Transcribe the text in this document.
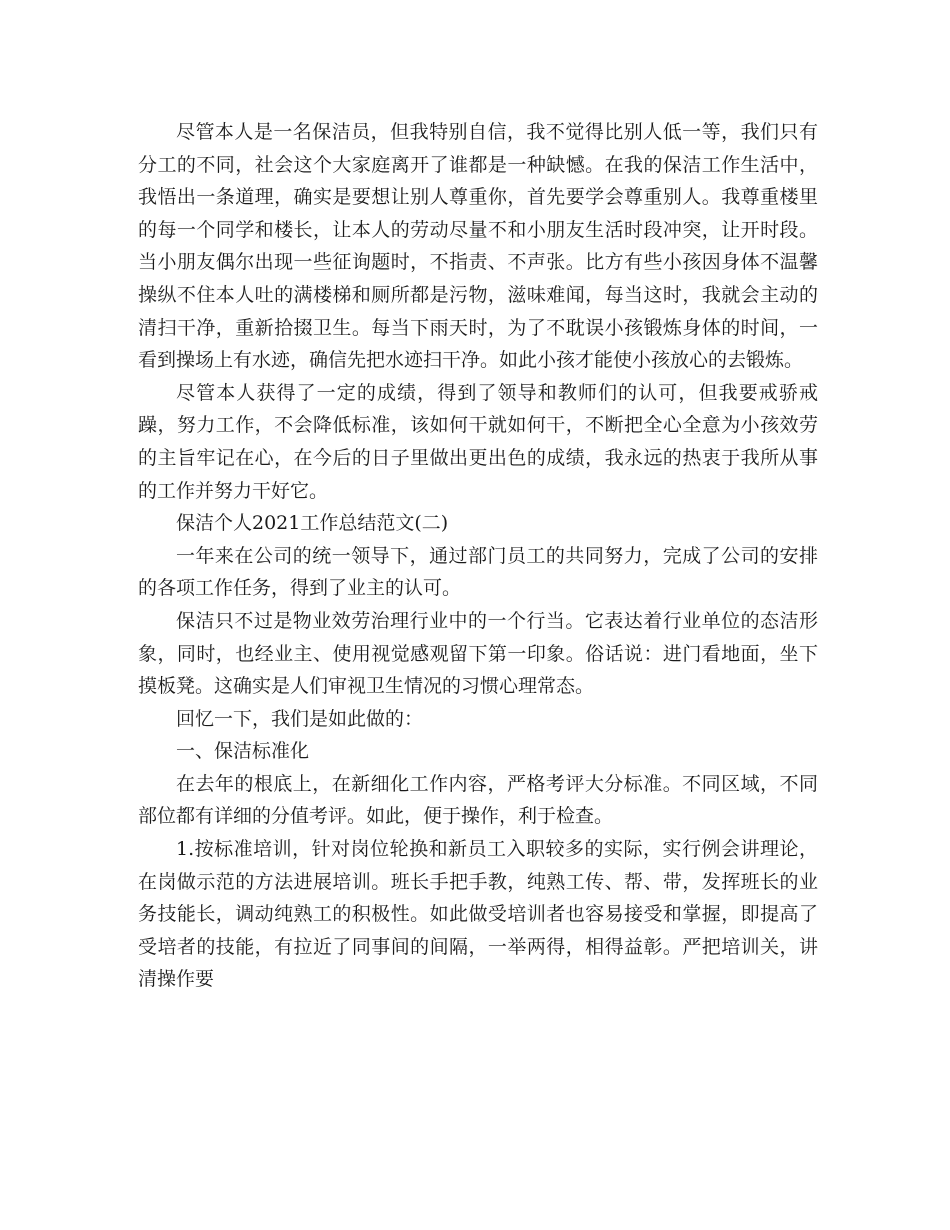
尽管本人是一名保洁员，但我特别自信，我不觉得比别人低一等，我们只有分工的不同，社会这个大家庭离开了谁都是一种缺憾。在我的保洁工作生活中，我悟出一条道理，确实是要想让别人尊重你，首先要学会尊重别人。我尊重楼里的每一个同学和楼长，让本人的劳动尽量不和小朋友生活时段冲突，让开时段。当小朋友偶尔出现一些征询题时，不指责、不声张。比方有些小孩因身体不温馨操纵不住本人吐的满楼梯和厕所都是污物，滋味难闻，每当这时，我就会主动的清扫干净，重新拾掇卫生。每当下雨天时，为了不耽误小孩锻炼身体的时间，一看到操场上有水迹，确信先把水迹扫干净。如此小孩才能使小孩放心的去锻炼。

尽管本人获得了一定的成绩，得到了领导和教师们的认可，但我要戒骄戒躁，努力工作，不会降低标准，该如何干就如何干，不断把全心全意为小孩效劳的主旨牢记在心，在今后的日子里做出更出色的成绩，我永远的热衷于我所从事的工作并努力干好它。

保洁个人2021工作总结范文(二)

一年来在公司的统一领导下，通过部门员工的共同努力，完成了公司的安排的各项工作任务，得到了业主的认可。

保洁只不过是物业效劳治理行业中的一个行当。它表达着行业单位的态洁形象，同时，也经业主、使用视觉感观留下第一印象。俗话说：进门看地面，坐下摸板凳。这确实是人们审视卫生情况的习惯心理常态。

回忆一下，我们是如此做的：

一、保洁标准化

在去年的根底上，在新细化工作内容，严格考评大分标准。不同区域，不同部位都有详细的分值考评。如此，便于操作，利于检查。

1.按标准培训，针对岗位轮换和新员工入职较多的实际，实行例会讲理论，在岗做示范的方法进展培训。班长手把手教，纯熟工传、帮、带，发挥班长的业务技能长，调动纯熟工的积极性。如此做受培训者也容易接受和掌握，即提高了受培者的技能，有拉近了同事间的间隔，一举两得，相得益彰。严把培训关，讲清操作要
